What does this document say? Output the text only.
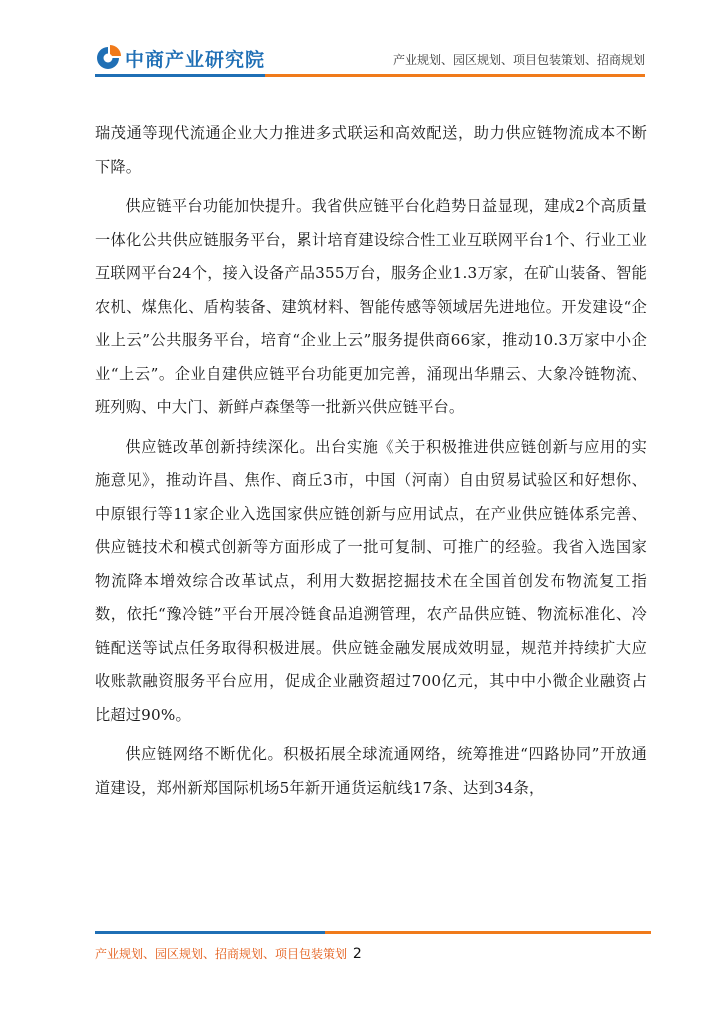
中商产业研究院	产业规划、园区规划、项目包装策划、招商规划

瑞茂通等现代流通企业大力推进多式联运和高效配送，助力供应链物流成本不断下降。

供应链平台功能加快提升。我省供应链平台化趋势日益显现，建成2个高质量一体化公共供应链服务平台，累计培育建设综合性工业互联网平台1个、行业工业互联网平台24个，接入设备产品355万台，服务企业1.3万家，在矿山装备、智能农机、煤焦化、盾构装备、建筑材料、智能传感等领域居先进地位。开发建设“企业上云”公共服务平台，培育“企业上云”服务提供商66家，推动10.3万家中小企业“上云”。企业自建供应链平台功能更加完善，涌现出华鼎云、大象冷链物流、班列购、中大门、新鲜卢森堡等一批新兴供应链平台。

供应链改革创新持续深化。出台实施《关于积极推进供应链创新与应用的实施意见》，推动许昌、焦作、商丘3市，中国（河南）自由贸易试验区和好想你、中原银行等11家企业入选国家供应链创新与应用试点，在产业供应链体系完善、供应链技术和模式创新等方面形成了一批可复制、可推广的经验。我省入选国家物流降本增效综合改革试点，利用大数据挖掘技术在全国首创发布物流复工指数，依托“豫冷链”平台开展冷链食品追溯管理，农产品供应链、物流标准化、冷链配送等试点任务取得积极进展。供应链金融发展成效明显，规范并持续扩大应收账款融资服务平台应用，促成企业融资超过700亿元，其中中小微企业融资占比超过90%。

供应链网络不断优化。积极拓展全球流通网络，统筹推进“四路协同”开放通道建设，郑州新郑国际机场5年新开通货运航线17条、达到34条，

产业规划、园区规划、招商规划、项目包装策划 2
